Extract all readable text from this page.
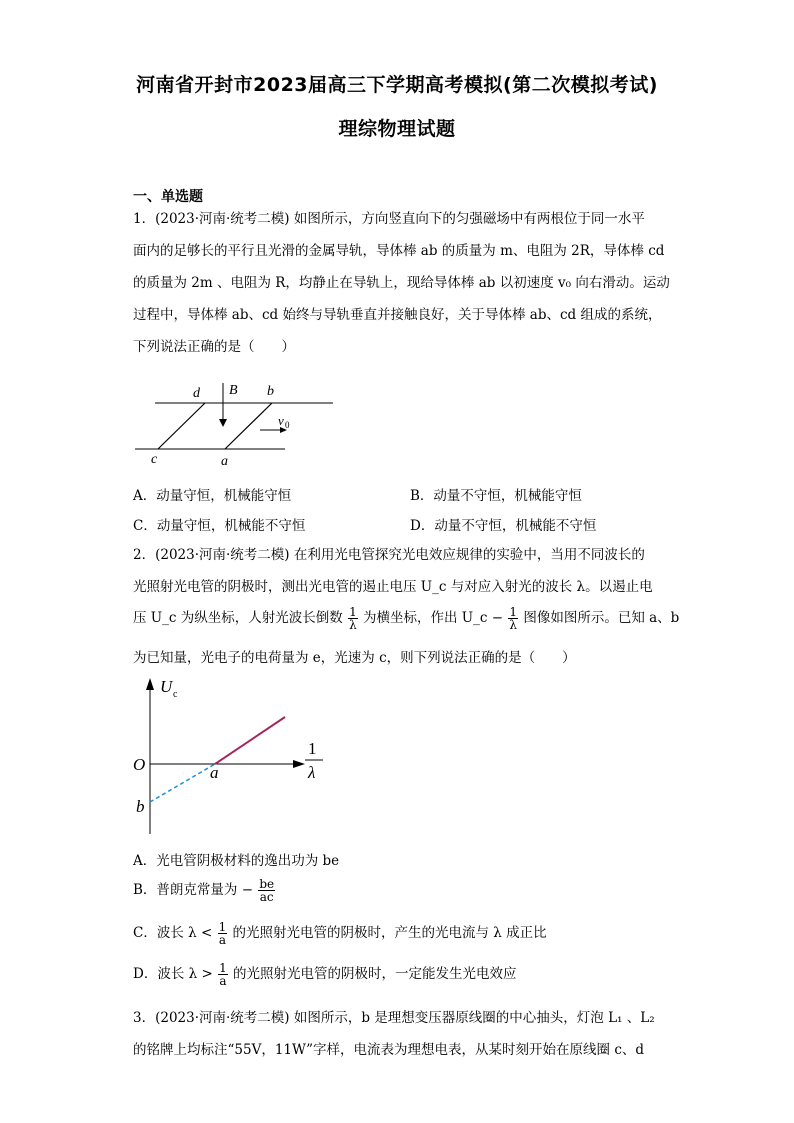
河南省开封市2023届高三下学期高考模拟(第二次模拟考试)
理综物理试题
一、单选题
1．(2023·河南·统考二模) 如图所示，方向竖直向下的匀强磁场中有两根位于同一水平
面内的足够长的平行且光滑的金属导轨，导体棒 ab 的质量为 m、电阻为 2R，导体棒 cd
的质量为 2m 、电阻为 R，均静止在导轨上，现给导体棒 ab 以初速度 v₀ 向右滑动。运动
过程中，导体棒 ab、cd 始终与导轨垂直并接触良好，关于导体棒 ab、cd 组成的系统，
下列说法正确的是（　　）
d B b
v 0
c	a
A．动量守恒，机械能守恒	B．动量不守恒，机械能守恒
C．动量守恒，机械能不守恒	D．动量不守恒，机械能不守恒
2．(2023·河南·统考二模) 在利用光电管探究光电效应规律的实验中，当用不同波长的
光照射光电管的阴极时，测出光电管的遏止电压 U_c 与对应入射光的波长 λ。以遏止电
压 U_c 为纵坐标，人射光波长倒数 $\frac{1}{\lambda}$ 为横坐标，作出 U_c − $\frac{1}{\lambda}$ 图像如图所示。已知 a、b
为已知量，光电子的电荷量为 e，光速为 c，则下列说法正确的是（　　）
U c
O	a
b
1
λ
A．光电管阴极材料的逸出功为 be
B．普朗克常量为 − $\frac{be}{ac}$
C．波长 $\lambda < \frac{1}{a}$ 的光照射光电管的阴极时，产生的光电流与 λ 成正比
D．波长 $\lambda > \frac{1}{a}$ 的光照射光电管的阴极时，一定能发生光电效应
3．(2023·河南·统考二模) 如图所示，b 是理想变压器原线圈的中心抽头，灯泡 L₁ 、L₂
的铭牌上均标注“55V，11W”字样，电流表为理想电表，从某时刻开始在原线圈 c、d
